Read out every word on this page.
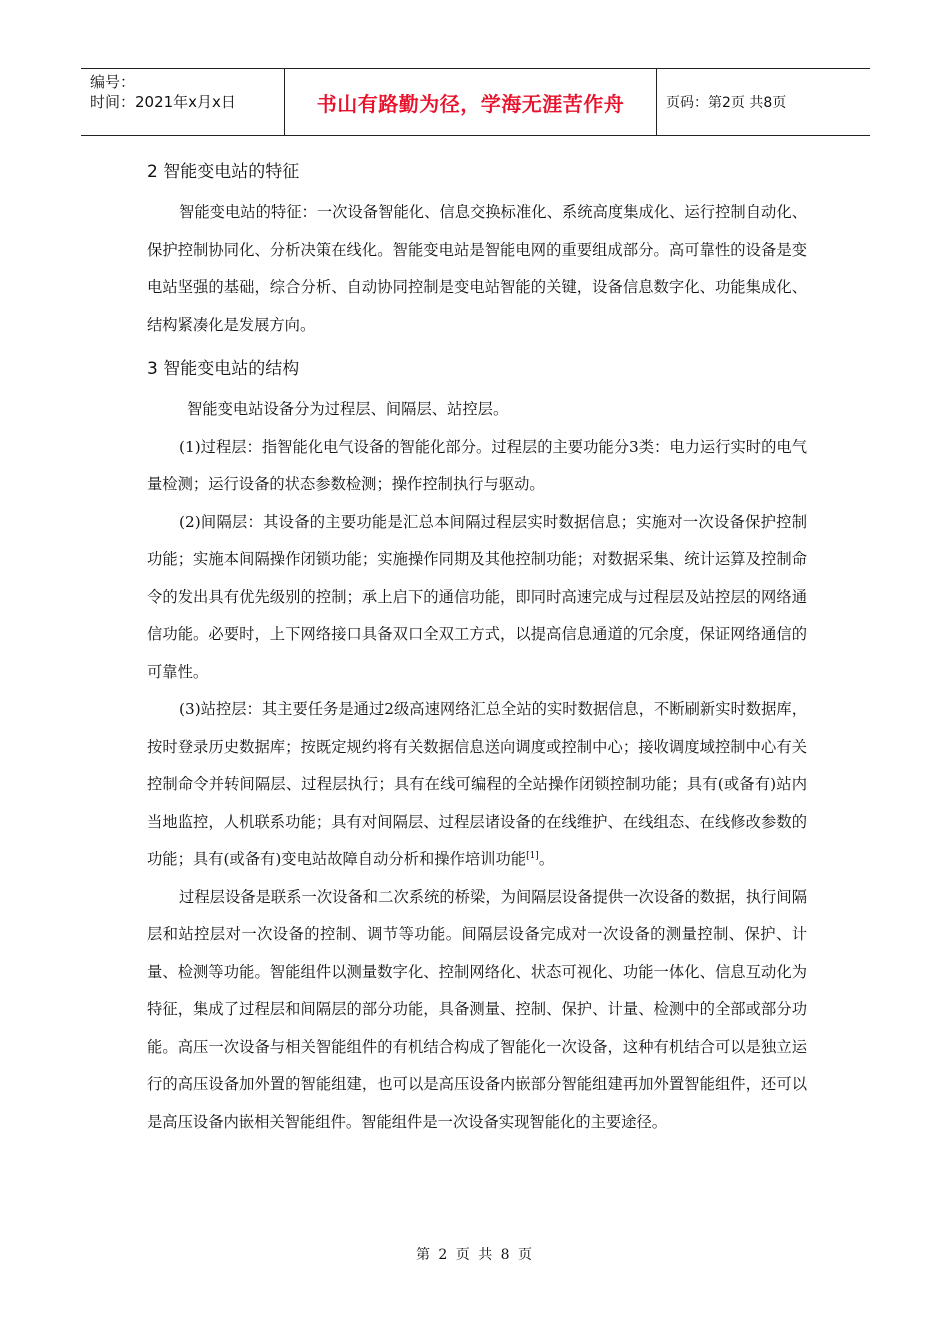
编号：
时间：2021年x月x日	书山有路勤为径，学海无涯苦作舟	页码：第2页 共8页
2 智能变电站的特征

智能变电站的特征：一次设备智能化、信息交换标准化、系统高度集成化、运行控制自动化、保护控制协同化、分析决策在线化。智能变电站是智能电网的重要组成部分。高可靠性的设备是变电站坚强的基础，综合分析、自动协同控制是变电站智能的关键，设备信息数字化、功能集成化、结构紧凑化是发展方向。

3 智能变电站的结构

智能变电站设备分为过程层、间隔层、站控层。

(1)过程层：指智能化电气设备的智能化部分。过程层的主要功能分3类：电力运行实时的电气量检测；运行设备的状态参数检测；操作控制执行与驱动。

(2)间隔层：其设备的主要功能是汇总本间隔过程层实时数据信息；实施对一次设备保护控制功能；实施本间隔操作闭锁功能；实施操作同期及其他控制功能；对数据采集、统计运算及控制命令的发出具有优先级别的控制；承上启下的通信功能，即同时高速完成与过程层及站控层的网络通信功能。必要时，上下网络接口具备双口全双工方式，以提高信息通道的冗余度，保证网络通信的可靠性。

(3)站控层：其主要任务是通过2级高速网络汇总全站的实时数据信息，不断刷新实时数据库，按时登录历史数据库；按既定规约将有关数据信息送向调度或控制中心；接收调度域控制中心有关控制命令并转间隔层、过程层执行；具有在线可编程的全站操作闭锁控制功能；具有(或备有)站内当地监控，人机联系功能；具有对间隔层、过程层诸设备的在线维护、在线组态、在线修改参数的功能；具有(或备有)变电站故障自动分析和操作培训功能[1]。

过程层设备是联系一次设备和二次系统的桥梁，为间隔层设备提供一次设备的数据，执行间隔层和站控层对一次设备的控制、调节等功能。间隔层设备完成对一次设备的测量控制、保护、计量、检测等功能。智能组件以测量数字化、控制网络化、状态可视化、功能一体化、信息互动化为特征，集成了过程层和间隔层的部分功能，具备测量、控制、保护、计量、检测中的全部或部分功能。高压一次设备与相关智能组件的有机结合构成了智能化一次设备，这种有机结合可以是独立运行的高压设备加外置的智能组建，也可以是高压设备内嵌部分智能组建再加外置智能组件，还可以是高压设备内嵌相关智能组件。智能组件是一次设备实现智能化的主要途径。

第 2 页 共 8 页
